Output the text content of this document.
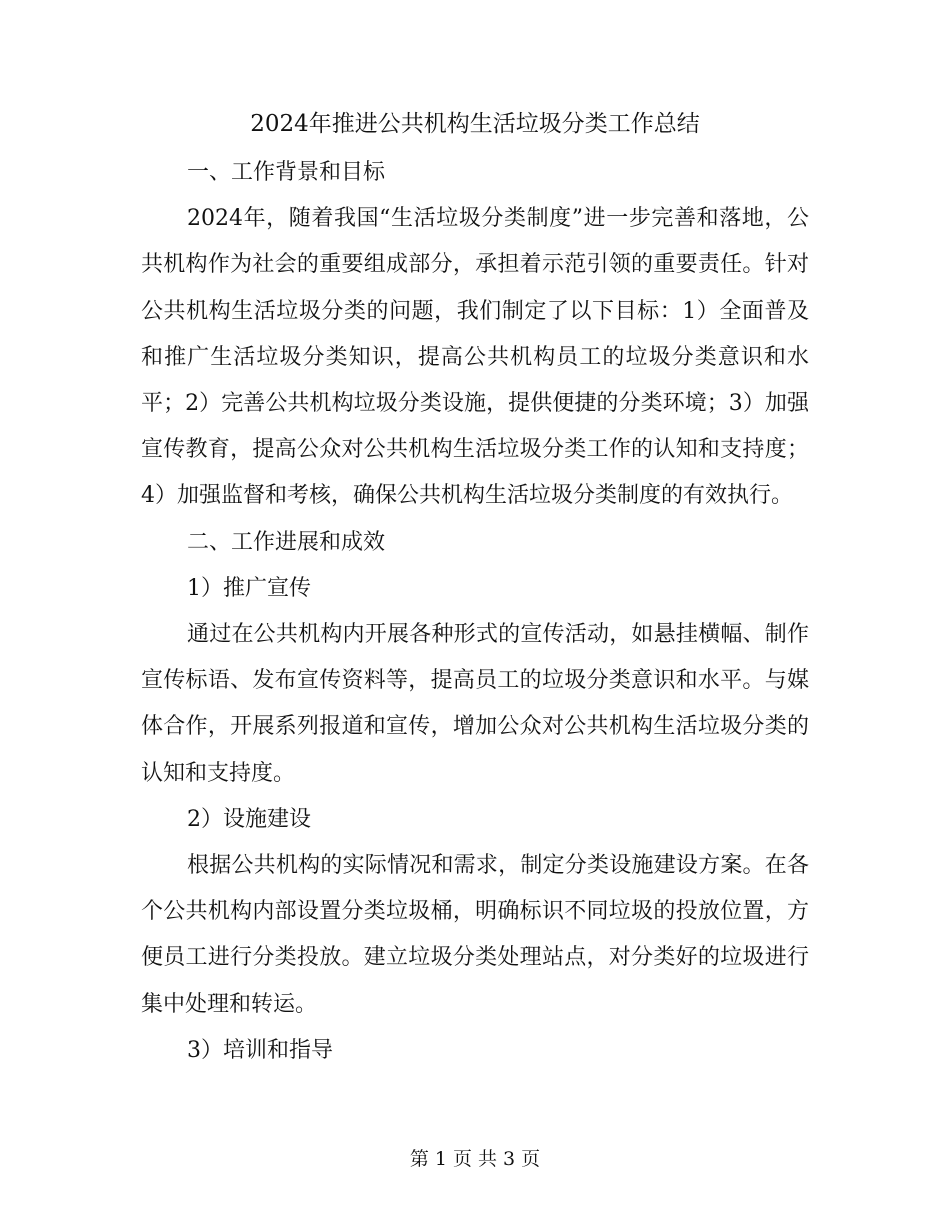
2024年推进公共机构生活垃圾分类工作总结

一、工作背景和目标

2024年，随着我国“生活垃圾分类制度”进一步完善和落地，公共机构作为社会的重要组成部分，承担着示范引领的重要责任。针对公共机构生活垃圾分类的问题，我们制定了以下目标：1）全面普及和推广生活垃圾分类知识，提高公共机构员工的垃圾分类意识和水平；2）完善公共机构垃圾分类设施，提供便捷的分类环境；3）加强宣传教育，提高公众对公共机构生活垃圾分类工作的认知和支持度；4）加强监督和考核，确保公共机构生活垃圾分类制度的有效执行。

二、工作进展和成效

1）推广宣传

通过在公共机构内开展各种形式的宣传活动，如悬挂横幅、制作宣传标语、发布宣传资料等，提高员工的垃圾分类意识和水平。与媒体合作，开展系列报道和宣传，增加公众对公共机构生活垃圾分类的认知和支持度。

2）设施建设

根据公共机构的实际情况和需求，制定分类设施建设方案。在各个公共机构内部设置分类垃圾桶，明确标识不同垃圾的投放位置，方便员工进行分类投放。建立垃圾分类处理站点，对分类好的垃圾进行集中处理和转运。

3）培训和指导

第 1 页 共 3 页
